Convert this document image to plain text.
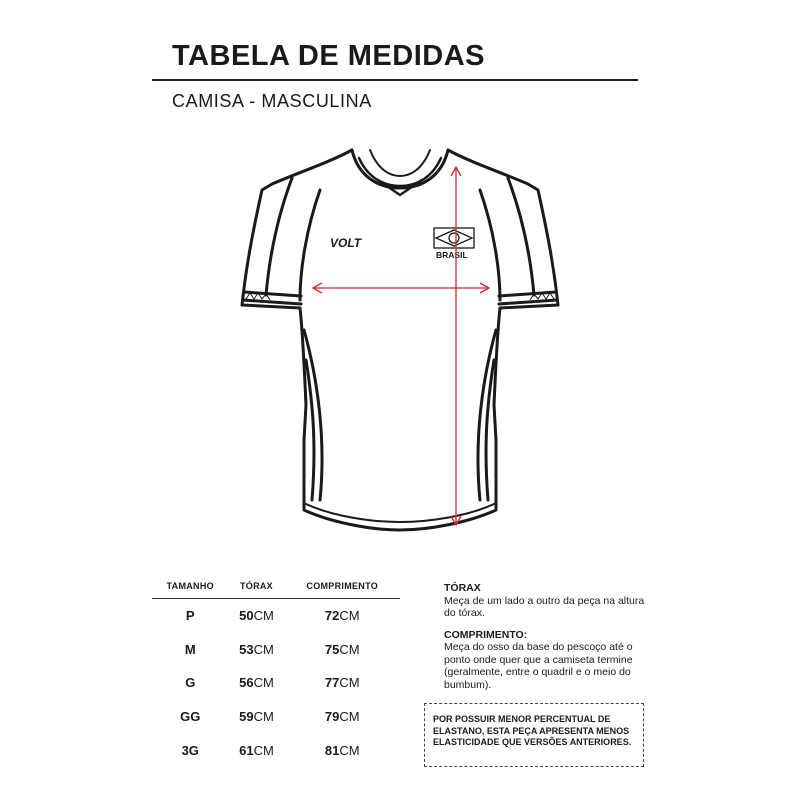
TABELA DE MEDIDAS
CAMISA - MASCULINA
VOLT
BRASIL
TAMANHO	TÓRAX	COMPRIMENTO
P	50CM	72CM
M	53CM	75CM
G	56CM	77CM
GG	59CM	79CM
3G	61CM	81CM
TÓRAX

Meça de um lado a outro da peça na altura do tórax.

COMPRIMENTO:

Meça do osso da base do pescoço até o ponto onde quer que a camiseta termine (geralmente, entre o quadril e o meio do bumbum).

POR POSSUIR MENOR PERCENTUAL DE ELASTANO, ESTA PEÇA APRESENTA MENOS ELASTICIDADE QUE VERSÕES ANTERIORES.
